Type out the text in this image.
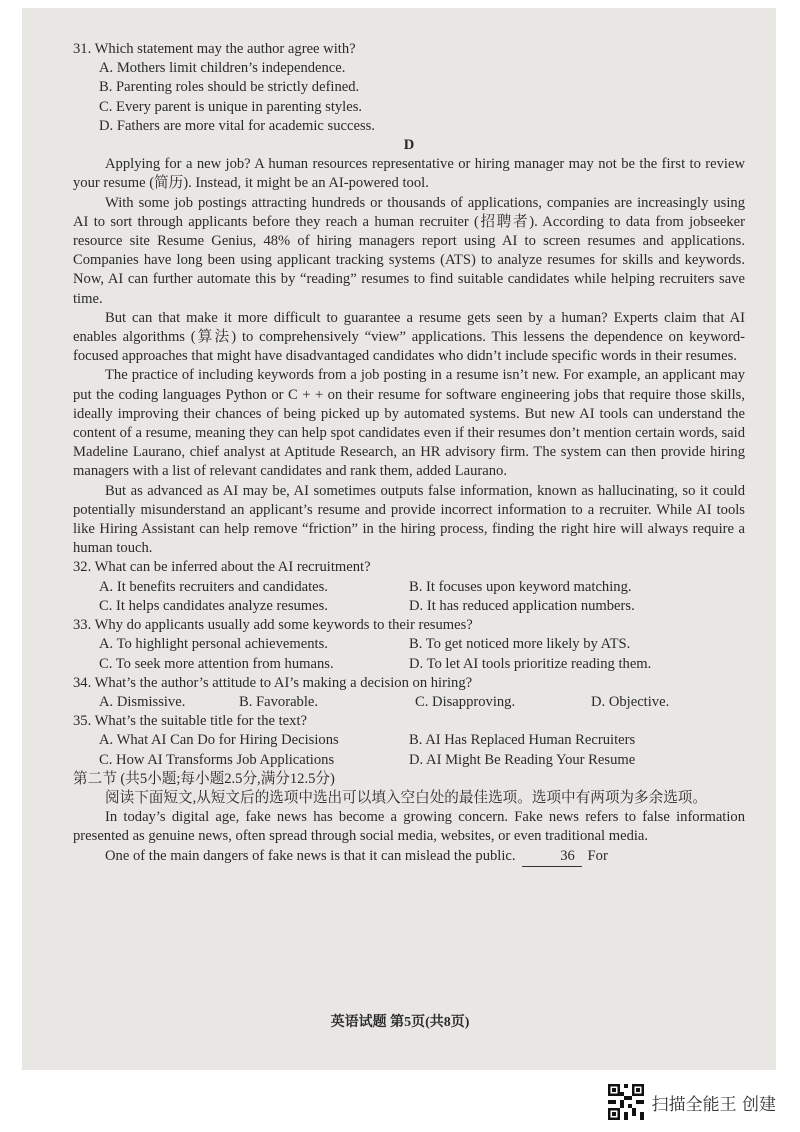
31. Which statement may the author agree with?

A. Mothers limit children’s independence.

B. Parenting roles should be strictly defined.

C. Every parent is unique in parenting styles.

D. Fathers are more vital for academic success.

D

Applying for a new job? A human resources representative or hiring manager may not be the first to review your resume (简历). Instead, it might be an AI-powered tool.

With some job postings attracting hundreds or thousands of applications, companies are increasingly using AI to sort through applicants before they reach a human recruiter (招聘者). According to data from jobseeker resource site Resume Genius, 48% of hiring managers report using AI to screen resumes and applications. Companies have long been using applicant tracking systems (ATS) to analyze resumes for skills and keywords. Now, AI can further automate this by “reading” resumes to find suitable candidates while helping recruiters save time.

But can that make it more difficult to guarantee a resume gets seen by a human? Experts claim that AI enables algorithms (算法) to comprehensively “view” applications. This lessens the dependence on keyword-focused approaches that might have disadvantaged candidates who didn’t include specific words in their resumes.

The practice of including keywords from a job posting in a resume isn’t new. For example, an applicant may put the coding languages Python or C + + on their resume for software engineering jobs that require those skills, ideally improving their chances of being picked up by automated systems. But new AI tools can understand the content of a resume, meaning they can help spot candidates even if their resumes don’t mention certain words, said Madeline Laurano, chief analyst at Aptitude Research, an HR advisory firm. The system can then provide hiring managers with a list of relevant candidates and rank them, added Laurano.

But as advanced as AI may be, AI sometimes outputs false information, known as hallucinating, so it could potentially misunderstand an applicant’s resume and provide incorrect information to a recruiter. While AI tools like Hiring Assistant can help remove “friction” in the hiring process, finding the right hire will always require a human touch.

32. What can be inferred about the AI recruitment?

A. It benefits recruiters and candidates.	B. It focuses upon keyword matching.
C. It helps candidates analyze resumes.	D. It has reduced application numbers.

33. Why do applicants usually add some keywords to their resumes?

A. To highlight personal achievements.	B. To get noticed more likely by ATS.
C. To seek more attention from humans.	D. To let AI tools prioritize reading them.

34. What’s the author’s attitude to AI’s making a decision on hiring?

A. Dismissive.	B. Favorable.	C. Disapproving.	D. Objective.

35. What’s the suitable title for the text?

A. What AI Can Do for Hiring Decisions	B. AI Has Replaced Human Recruiters
C. How AI Transforms Job Applications	D. AI Might Be Reading Your Resume

第二节 (共5小题;每小题2.5分,满分12.5分)

阅读下面短文,从短文后的选项中选出可以填入空白处的最佳选项。选项中有两项为多余选项。

In today’s digital age, fake news has become a growing concern. Fake news refers to false information presented as genuine news, often spread through social media, websites, or even traditional media.

One of the main dangers of fake news is that it can mislead the public.	36 For

英语试题 第5页(共8页)
扫描全能王 创建
